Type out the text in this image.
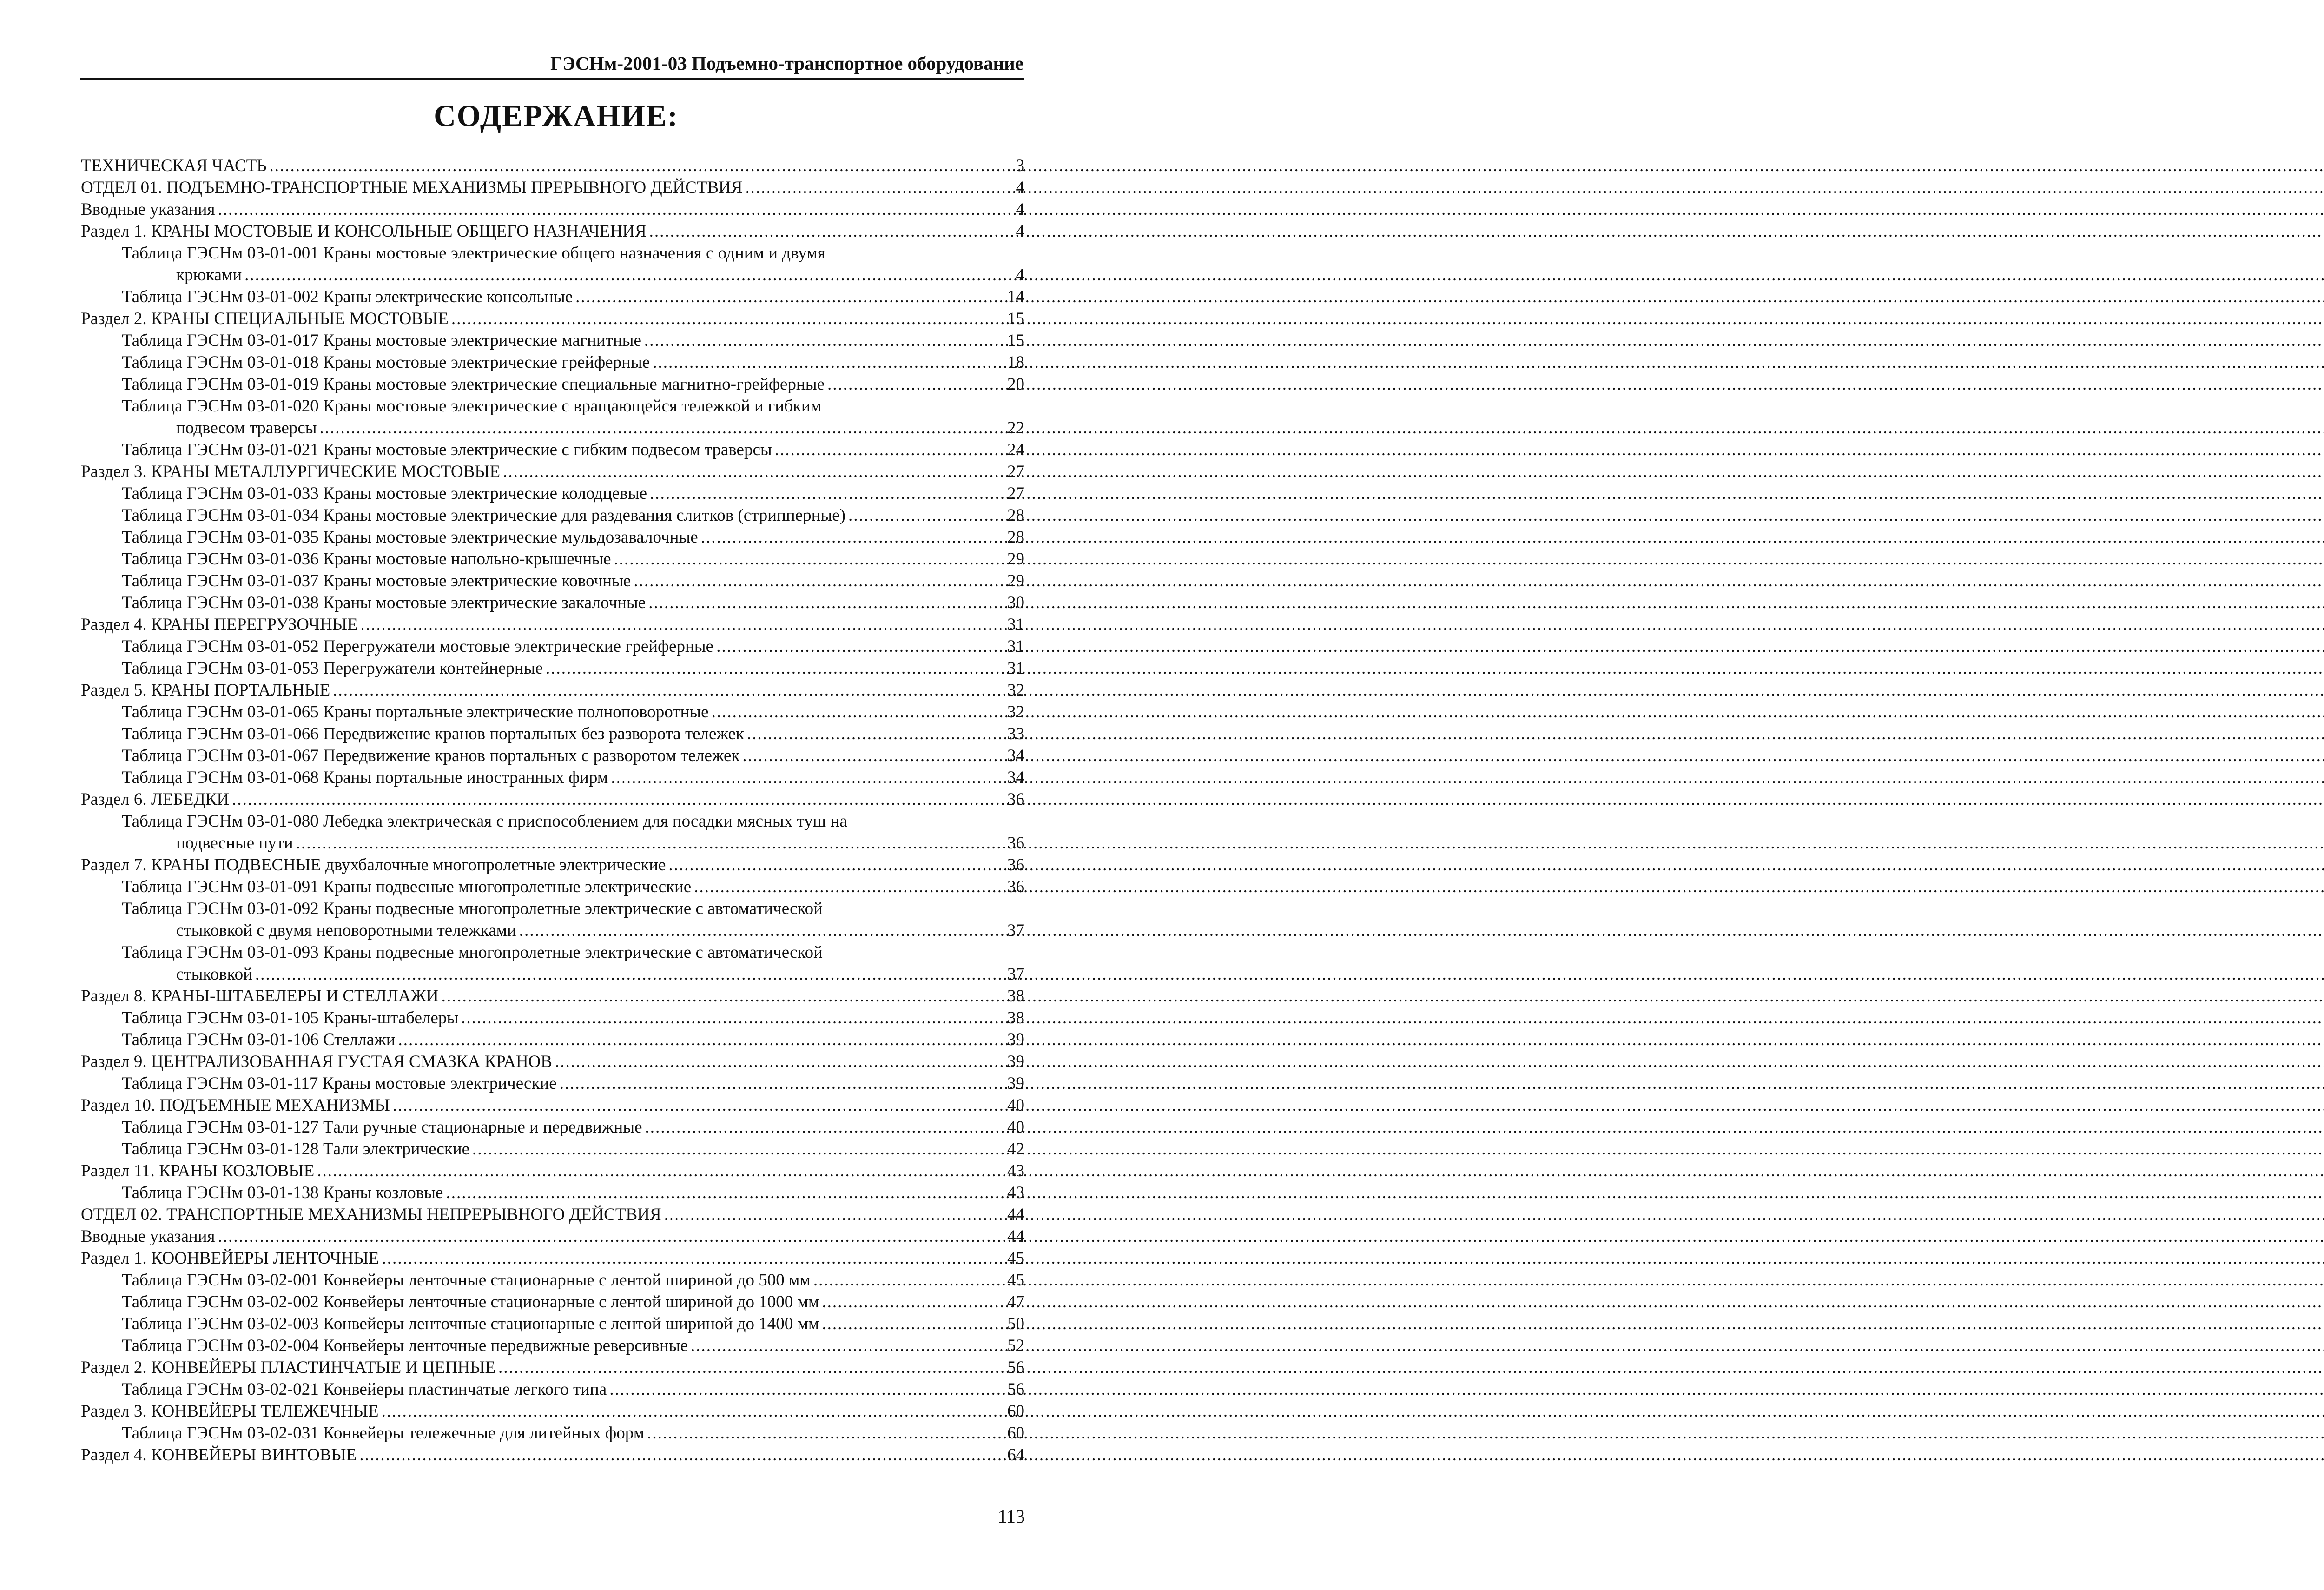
ГЭСНм-2001-03 Подъемно-транспортное оборудование
СОДЕРЖАНИЕ:
ТЕХНИЧЕСКАЯ ЧАСТЬ .....	3
ОТДЕЛ 01. ПОДЪЕМНО-ТРАНСПОРТНЫЕ МЕХАНИЗМЫ ПРЕРЫВНОГО ДЕЙСТВИЯ .....	4
Вводные указания .....	4
Раздел 1. КРАНЫ МОСТОВЫЕ И КОНСОЛЬНЫЕ ОБЩЕГО НАЗНАЧЕНИЯ .....	4
Таблица ГЭСНм 03-01-001 Краны мостовые электрические общего назначения с одним и двумя
крюками .....	4
Таблица ГЭСНм 03-01-002 Краны электрические консольные .....	14
Раздел 2. КРАНЫ СПЕЦИАЛЬНЫЕ МОСТОВЫЕ .....	15
Таблица ГЭСНм 03-01-017 Краны мостовые электрические магнитные .....	15
Таблица ГЭСНм 03-01-018 Краны мостовые электрические грейферные .....	18
Таблица ГЭСНм 03-01-019 Краны мостовые электрические специальные магнитно-грейферные .....	20
Таблица ГЭСНм 03-01-020 Краны мостовые электрические с вращающейся тележкой и гибким
подвесом траверсы .....	22
Таблица ГЭСНм 03-01-021 Краны мостовые электрические с гибким подвесом траверсы .....	24
Раздел 3. КРАНЫ МЕТАЛЛУРГИЧЕСКИЕ МОСТОВЫЕ .....	27
Таблица ГЭСНм 03-01-033 Краны мостовые электрические колодцевые .....	27
Таблица ГЭСНм 03-01-034 Краны мостовые электрические для раздевания слитков (стрипперные) .....	28
Таблица ГЭСНм 03-01-035 Краны мостовые электрические мульдозавалочные .....	28
Таблица ГЭСНм 03-01-036 Краны мостовые напольно-крышечные .....	29
Таблица ГЭСНм 03-01-037 Краны мостовые электрические ковочные .....	29
Таблица ГЭСНм 03-01-038 Краны мостовые электрические закалочные .....	30
Раздел 4. КРАНЫ ПЕРЕГРУЗОЧНЫЕ .....	31
Таблица ГЭСНм 03-01-052 Перегружатели мостовые электрические грейферные .....	31
Таблица ГЭСНм 03-01-053 Перегружатели контейнерные .....	31
Раздел 5. КРАНЫ ПОРТАЛЬНЫЕ .....	32
Таблица ГЭСНм 03-01-065 Краны портальные электрические полноповоротные .....	32
Таблица ГЭСНм 03-01-066 Передвижение кранов портальных без разворота тележек .....	33
Таблица ГЭСНм 03-01-067 Передвижение кранов портальных с разворотом тележек .....	34
Таблица ГЭСНм 03-01-068 Краны портальные иностранных фирм .....	34
Раздел 6. ЛЕБЕДКИ .....	36
Таблица ГЭСНм 03-01-080 Лебедка электрическая с приспособлением для посадки мясных туш на
подвесные пути .....	36
Раздел 7. КРАНЫ ПОДВЕСНЫЕ двухбалочные многопролетные электрические .....	36
Таблица ГЭСНм 03-01-091 Краны подвесные многопролетные электрические .....	36
Таблица ГЭСНм 03-01-092 Краны подвесные многопролетные электрические с автоматической
стыковкой с двумя неповоротными тележками .....	37
Таблица ГЭСНм 03-01-093 Краны подвесные многопролетные электрические с автоматической
стыковкой .....	37
Раздел 8. КРАНЫ-ШТАБЕЛЕРЫ И СТЕЛЛАЖИ .....	38
Таблица ГЭСНм 03-01-105 Краны-штабелеры .....	38
Таблица ГЭСНм 03-01-106 Стеллажи .....	39
Раздел 9. ЦЕНТРАЛИЗОВАННАЯ ГУСТАЯ СМАЗКА КРАНОВ .....	39
Таблица ГЭСНм 03-01-117 Краны мостовые электрические .....	39
Раздел 10. ПОДЪЕМНЫЕ МЕХАНИЗМЫ .....	40
Таблица ГЭСНм 03-01-127 Тали ручные стационарные и передвижные .....	40
Таблица ГЭСНм 03-01-128 Тали электрические .....	42
Раздел 11. КРАНЫ КОЗЛОВЫЕ .....	43
Таблица ГЭСНм 03-01-138 Краны козловые .....	43
ОТДЕЛ 02. ТРАНСПОРТНЫЕ МЕХАНИЗМЫ НЕПРЕРЫВНОГО ДЕЙСТВИЯ .....	44
Вводные указания .....	44
Раздел 1. КООНВЕЙЕРЫ ЛЕНТОЧНЫЕ .....	45
Таблица ГЭСНм 03-02-001 Конвейеры ленточные стационарные с лентой шириной до 500 мм .....	45
Таблица ГЭСНм 03-02-002 Конвейеры ленточные стационарные с лентой шириной до 1000 мм .....	47
Таблица ГЭСНм 03-02-003 Конвейеры ленточные стационарные с лентой шириной до 1400 мм .....	50
Таблица ГЭСНм 03-02-004 Конвейеры ленточные передвижные реверсивные .....	52
Раздел 2. КОНВЕЙЕРЫ ПЛАСТИНЧАТЫЕ И ЦЕПНЫЕ .....	56
Таблица ГЭСНм 03-02-021 Конвейеры пластинчатые легкого типа .....	56
Раздел 3. КОНВЕЙЕРЫ ТЕЛЕЖЕЧНЫЕ .....	60
Таблица ГЭСНм 03-02-031 Конвейеры тележечные для литейных форм .....	60
Раздел 4. КОНВЕЙЕРЫ ВИНТОВЫЕ .....	64
113
